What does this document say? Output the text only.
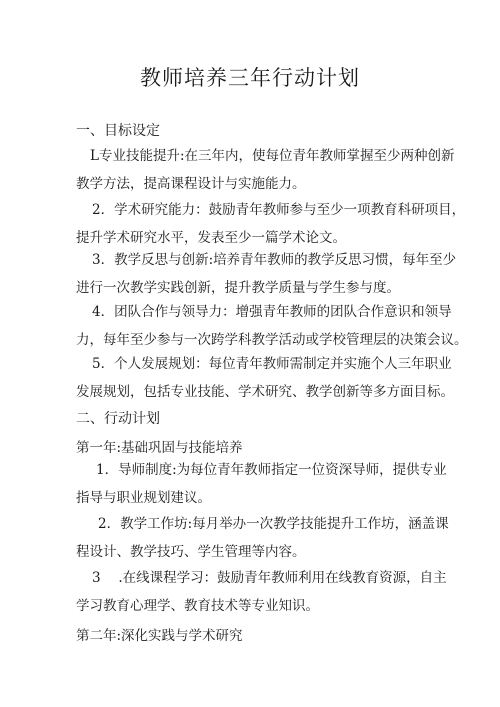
教师培养三年行动计划
一、目标设定
L专业技能提升:在三年内，使每位青年教师掌握至少两种创新
教学方法，提高课程设计与实施能力。
2．学术研究能力：鼓励青年教师参与至少一项教育科研项目，
提升学术研究水平，发表至少一篇学术论文。
3．教学反思与创新:培养青年教师的教学反思习惯，每年至少
进行一次教学实践创新，提升教学质量与学生参与度。
4．团队合作与领导力：增强青年教师的团队合作意识和领导
力，每年至少参与一次跨学科教学活动或学校管理层的决策会议。
5．个人发展规划：每位青年教师需制定并实施个人三年职业
发展规划，包括专业技能、学术研究、教学创新等多方面目标。
二、行动计划
第一年:基础巩固与技能培养
1．导师制度:为每位青年教师指定一位资深导师，提供专业
指导与职业规划建议。
2．教学工作坊:每月举办一次教学技能提升工作坊，涵盖课
程设计、教学技巧、学生管理等内容。
3　 .在线课程学习：鼓励青年教师利用在线教育资源，自主
学习教育心理学、教育技术等专业知识。
第二年:深化实践与学术研究
